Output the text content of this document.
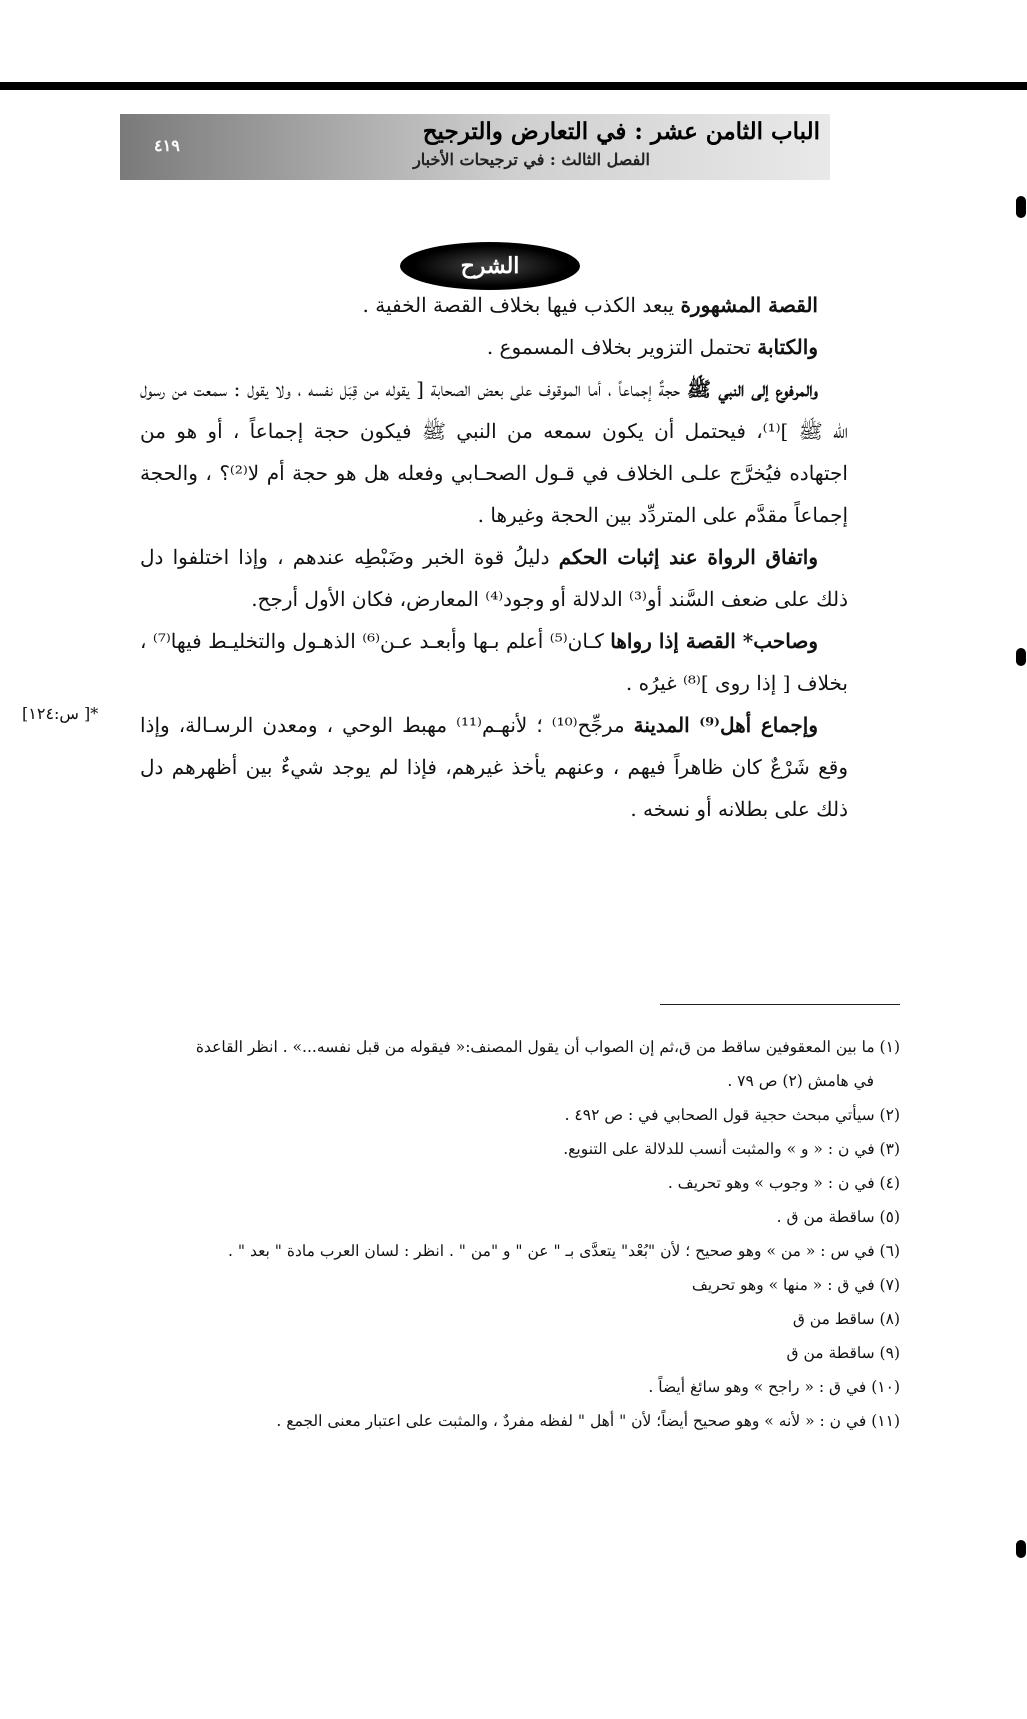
الباب الثامن عشر : في التعارض والترجيح
الفصل الثالث : في ترجيحات الأخبار
٤١٩
الشرح

القصة المشهورة يبعد الكذب فيها بخلاف القصة الخفية .

والكتابة تحتمل التزوير بخلاف المسموع .

والمرفوع إلى النبي ﷺ حجةٌ إجماعاً ، أما الموقوف على بعض الصحابة [ يقوله من قِبَل نفسه ، ولا يقول : سمعت من رسول الله ﷺ ]⁽¹⁾، فيحتمل أن يكون سمعه من النبي ﷺ فيكون حجة إجماعاً ، أو هو من اجتهاده فيُخرَّج علـى الخلاف في قـول الصحـابي وفعله هل هو حجة أم لا⁽²⁾؟ ، والحجة إجماعاً مقدَّم على المتردِّد بين الحجة وغيرها .

واتفاق الرواة عند إثبات الحكم دليلُ قوة الخبر وضَبْطِه عندهم ، وإذا اختلفوا دل ذلك على ضعف السَّند أو⁽³⁾ الدلالة أو وجود⁽⁴⁾ المعارض، فكان الأول أرجح.

وصاحب* القصة إذا رواها كـان⁽⁵⁾ أعلم بـها وأبعـد عـن⁽⁶⁾ الذهـول والتخليـط فيها⁽⁷⁾ ، بخلاف [ إذا روى ]⁽⁸⁾ غيرُه .

وإجماع أهل⁽⁹⁾ المدينة مرجِّح⁽¹⁰⁾ ؛ لأنهـم⁽¹¹⁾ مهبط الوحي ، ومعدن الرسـالة، وإذا وقع شَرْعٌ كان ظاهراً فيهم ، وعنهم يأخذ غيرهم، فإذا لم يوجد شيءٌ بين أظهرهم دل ذلك على بطلانه أو نسخه .

*[ س:١٢٤]
(١) ما بين المعقوفين ساقط من ق،ثم إن الصواب أن يقول المصنف:« فيقوله من قبل نفسه...» . انظر القاعدة
في هامش (٢) ص ٧٩ .
(٢) سيأتي مبحث حجية قول الصحابي في : ص ٤٩٢ .
(٣) في ن : « و » والمثبت أنسب للدلالة على التنويع.
(٤) في ن : « وجوب » وهو تحريف .
(٥) ساقطة من ق .
(٦) في س : « من » وهو صحيح ؛ لأن "بُعْد" يتعدَّى بـ " عن " و "من " . انظر : لسان العرب مادة " بعد " .
(٧) في ق : « منها » وهو تحريف
(٨) ساقط من ق
(٩) ساقطة من ق
(١٠) في ق : « راجح » وهو سائغ أيضاً .
(١١) في ن : « لأنه » وهو صحيح أيضاً؛ لأن " أهل " لفظه مفردٌ ، والمثبت على اعتبار معنى الجمع .
